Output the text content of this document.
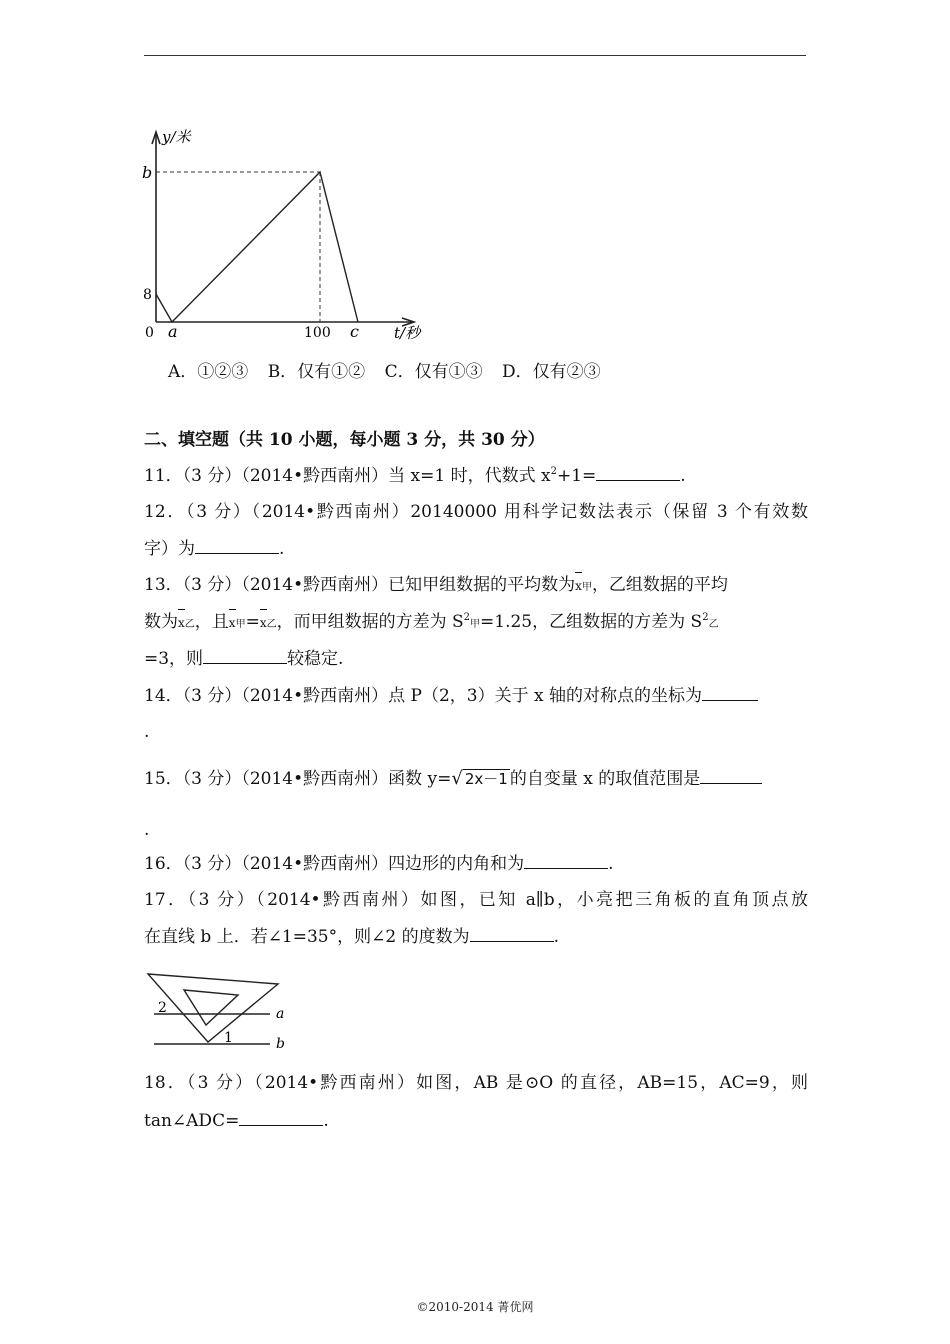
y/米
b
8
0 a	100 c t/秒
A．①②③ B．仅有①② C．仅有①③ D．仅有②③
二、填空题（共 10 小题，每小题 3 分，共 30 分）
11．（3 分）（2014•黔西南州）当 x=1 时，代数式 $x^2+1=$	.
12．（3 分）（2014•黔西南州）20140000 用科学记数法表示（保留 3 个有效数
字）为	.
13．（3 分）（2014•黔西南州）已知甲组数据的平均数为x甲，乙组数据的平均
数为x乙，且x甲=x乙，而甲组数据的方差为 $S^2$甲=1.25，乙组数据的方差为 $S^2$乙
=3，则	较稳定.
14．（3 分）（2014•黔西南州）点 P（2，3）关于 x 轴的对称点的坐标为
.
15．（3 分）（2014•黔西南州）函数 y=√ 2x－1 的自变量 x 的取值范围是
.
16．（3 分）（2014•黔西南州）四边形的内角和为	.
17．（3 分）（2014•黔西南州）如图，已知 a∥b，小亮把三角板的直角顶点放
在直线 b 上．若∠1=35°，则∠2 的度数为	.
2
1
a
b
18．（3 分）（2014•黔西南州）如图，AB 是⊙O 的直径，AB=15，AC=9，则
tan∠ADC=	.
©2010-2014 菁优网
